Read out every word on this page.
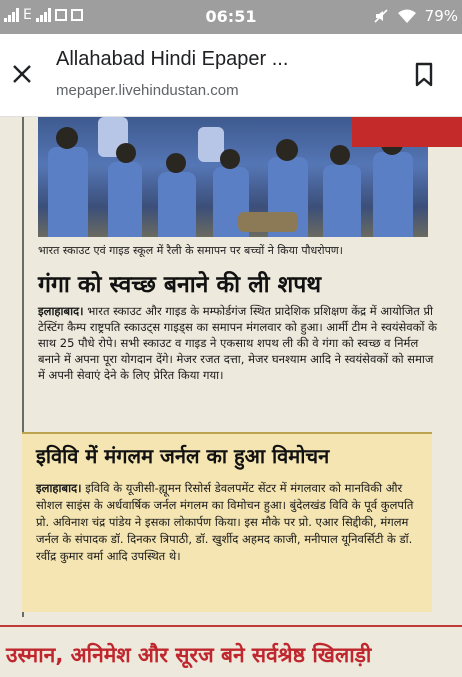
E	06:51	79%
Allahabad Hindi Epaper ...
mepaper.livehindustan.com
भारत स्काउट एवं गाइड स्कूल में रैली के समापन पर बच्चों ने किया पौधरोपण।
गंगा को स्वच्छ बनाने की ली शपथ
इलाहाबाद। भारत स्काउट और गाइड के मम्फोर्डगंज स्थित प्रादेशिक प्रशिक्षण केंद्र में आयोजित प्री टेस्टिंग कैम्प राष्ट्रपति स्काउट्स गाइड्स का समापन मंगलवार को हुआ। आर्मी टीम ने स्वयंसेवकों के साथ 25 पौधे रोपे। सभी स्काउट व गाइड ने एकसाथ शपथ ली की वे गंगा को स्वच्छ व निर्मल बनाने में अपना पूरा योगदान देंगे। मेजर रजत दत्ता, मेजर घनश्याम आदि ने स्वयंसेवकों को समाज में अपनी सेवाएं देने के लिए प्रेरित किया गया।
इविवि में मंगलम जर्नल का हुआ विमोचन
इलाहाबाद। इविवि के यूजीसी-ह्यूमन रिसोर्स डेवलपमेंट सेंटर में मंगलवार को मानविकी और सोशल साइंस के अर्धवार्षिक जर्नल मंगलम का विमोचन हुआ। बुंदेलखंड विवि के पूर्व कुलपति प्रो. अविनाश चंद्र पांडेय ने इसका लोकार्पण किया। इस मौके पर प्रो. एआर सिद्दीकी, मंगलम जर्नल के संपादक डॉ. दिनकर त्रिपाठी, डॉ. खुर्शीद अहमद काजी, मनीपाल यूनिवर्सिटी के डॉ. रवींद्र कुमार वर्मा आदि उपस्थित थे।
उस्मान, अनिमेश और सूरज बने सर्वश्रेष्ठ खिलाड़ी
